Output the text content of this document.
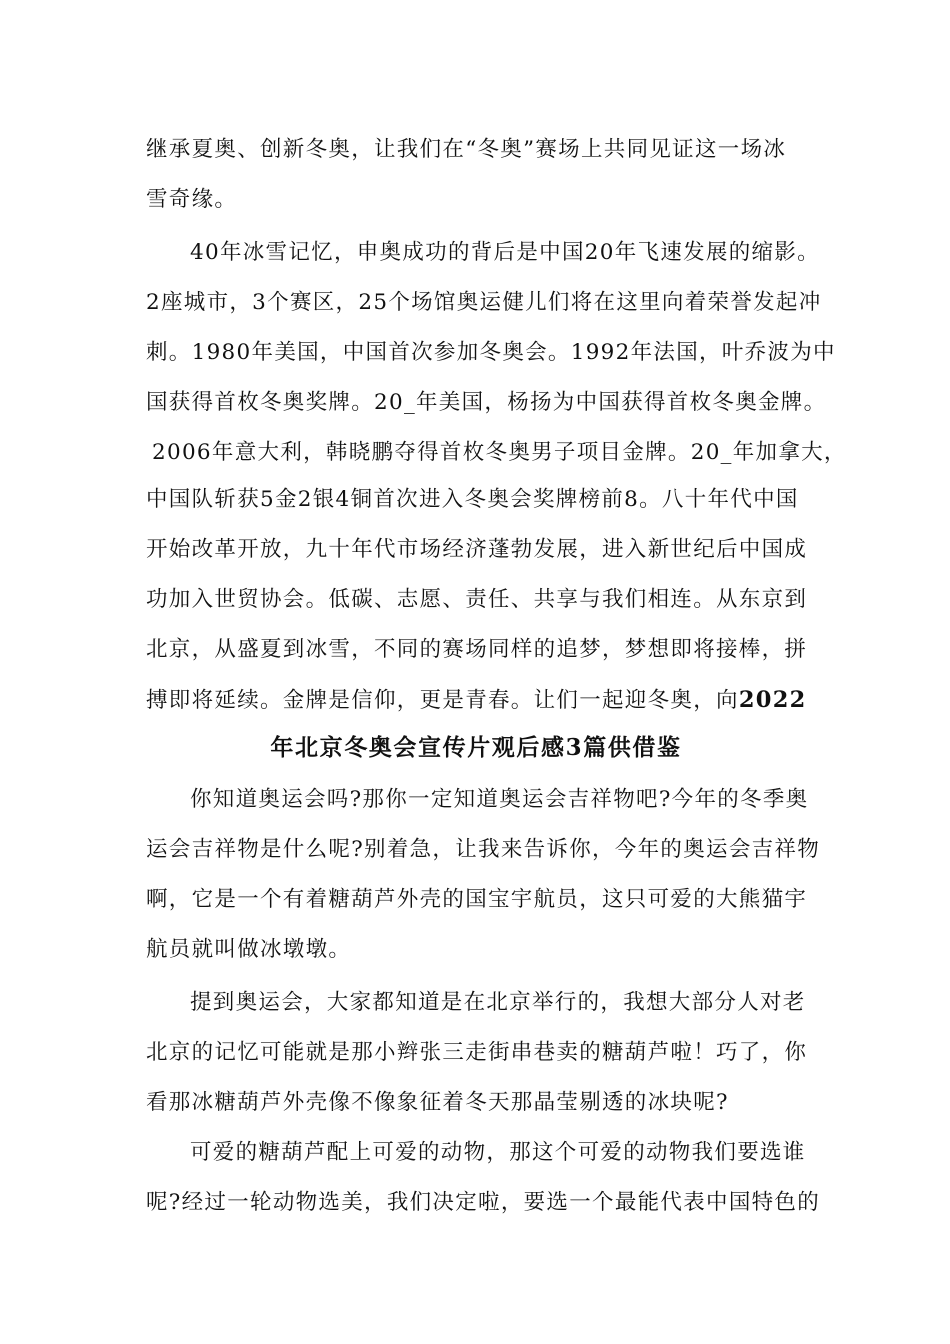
继承夏奥、创新冬奥，让我们在“冬奥”赛场上共同见证这一场冰
雪奇缘。
40年冰雪记忆，申奥成功的背后是中国20年飞速发展的缩影。
2座城市，3个赛区，25个场馆奥运健儿们将在这里向着荣誉发起冲
刺。1980年美国，中国首次参加冬奥会。1992年法国，叶乔波为中
国获得首枚冬奥奖牌。20_年美国，杨扬为中国获得首枚冬奥金牌。
2006年意大利，韩晓鹏夺得首枚冬奥男子项目金牌。20_年加拿大，
中国队斩获5金2银4铜首次进入冬奥会奖牌榜前8。八十年代中国
开始改革开放，九十年代市场经济蓬勃发展，进入新世纪后中国成
功加入世贸协会。低碳、志愿、责任、共享与我们相连。从东京到
北京，从盛夏到冰雪，不同的赛场同样的追梦，梦想即将接棒，拼
搏即将延续。金牌是信仰，更是青春。让们一起迎冬奥，向2022
年北京冬奥会宣传片观后感3篇供借鉴
你知道奥运会吗?那你一定知道奥运会吉祥物吧?今年的冬季奥
运会吉祥物是什么呢?别着急，让我来告诉你，今年的奥运会吉祥物
啊，它是一个有着糖葫芦外壳的国宝宇航员，这只可爱的大熊猫宇
航员就叫做冰墩墩。
提到奥运会，大家都知道是在北京举行的，我想大部分人对老
北京的记忆可能就是那小辫张三走街串巷卖的糖葫芦啦！巧了，你
看那冰糖葫芦外壳像不像象征着冬天那晶莹剔透的冰块呢?
可爱的糖葫芦配上可爱的动物，那这个可爱的动物我们要选谁
呢?经过一轮动物选美，我们决定啦，要选一个最能代表中国特色的
